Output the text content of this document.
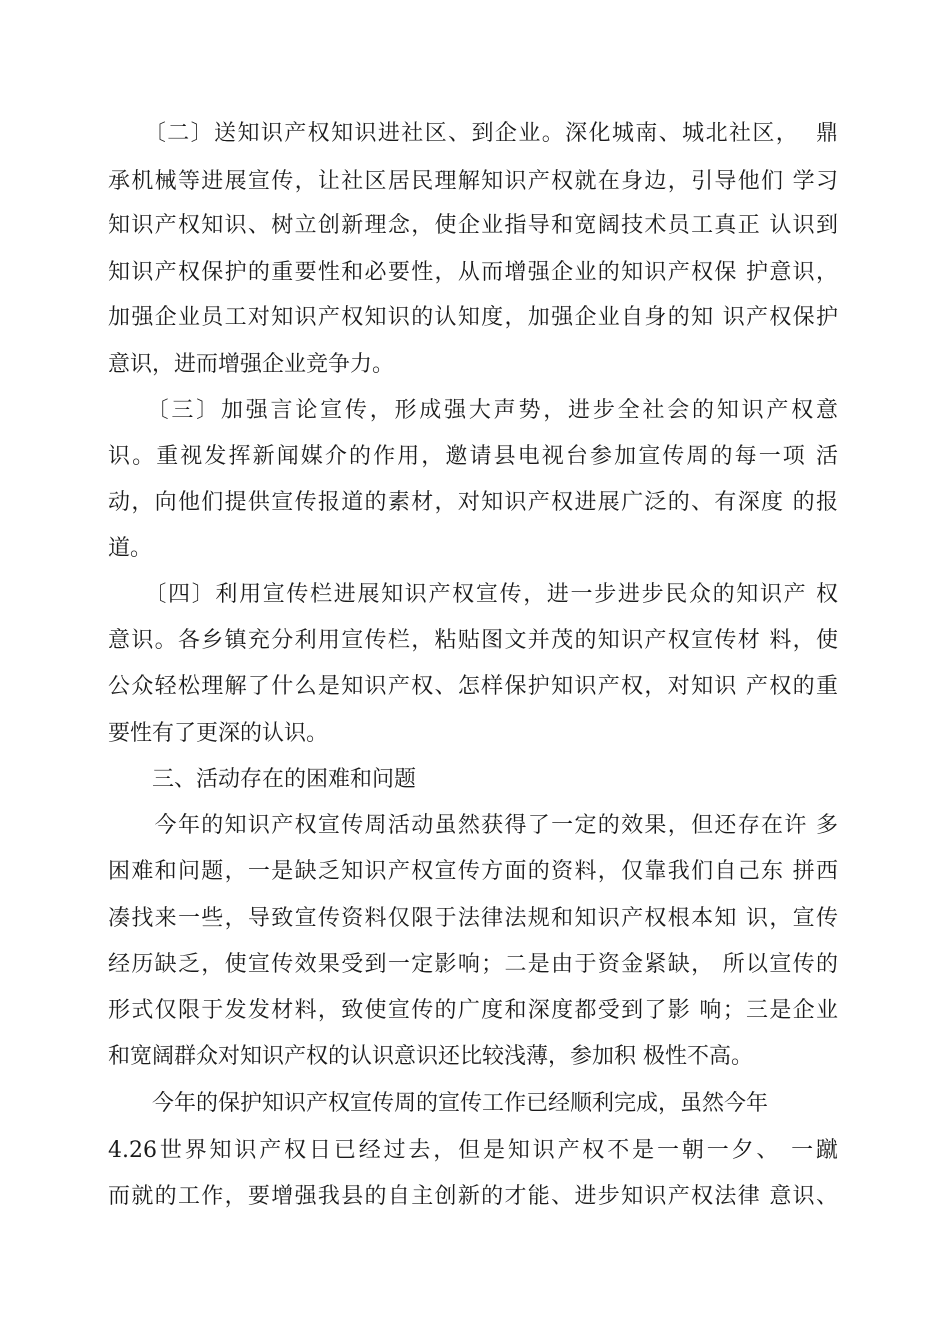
　　〔二〕送知识产权知识进社区、到企业。深化城南、城北社区，  鼎
承机械等进展宣传，让社区居民理解知识产权就在身边，引导他们 学习
知识产权知识、树立创新理念，使企业指导和宽阔技术员工真正 认识到
知识产权保护的重要性和必要性，从而增强企业的知识产权保 护意识，
加强企业员工对知识产权知识的认知度，加强企业自身的知 识产权保护
意识，进而增强企业竞争力。
　　〔三〕加强言论宣传，形成强大声势，进步全社会的知识产权意
识。重视发挥新闻媒介的作用，邀请县电视台参加宣传周的每一项 活
动，向他们提供宣传报道的素材，对知识产权进展广泛的、有深度 的报
道。
　　〔四〕利用宣传栏进展知识产权宣传，进一步进步民众的知识产 权
意识。各乡镇充分利用宣传栏，粘贴图文并茂的知识产权宣传材 料，使
公众轻松理解了什么是知识产权、怎样保护知识产权，对知识 产权的重
要性有了更深的认识。
　　三、活动存在的困难和问题
　　今年的知识产权宣传周活动虽然获得了一定的效果，但还存在许 多
困难和问题，一是缺乏知识产权宣传方面的资料，仅靠我们自己东 拼西
凑找来一些，导致宣传资料仅限于法律法规和知识产权根本知 识，宣传
经历缺乏，使宣传效果受到一定影响；二是由于资金紧缺， 所以宣传的
形式仅限于发发材料，致使宣传的广度和深度都受到了影 响；三是企业
和宽阔群众对知识产权的认识意识还比较浅薄，参加积 极性不高。
　　今年的保护知识产权宣传周的宣传工作已经顺利完成，虽然今年
4.26世界知识产权日已经过去，但是知识产权不是一朝一夕、 一蹴
而就的工作，要增强我县的自主创新的才能、进步知识产权法律 意识、
